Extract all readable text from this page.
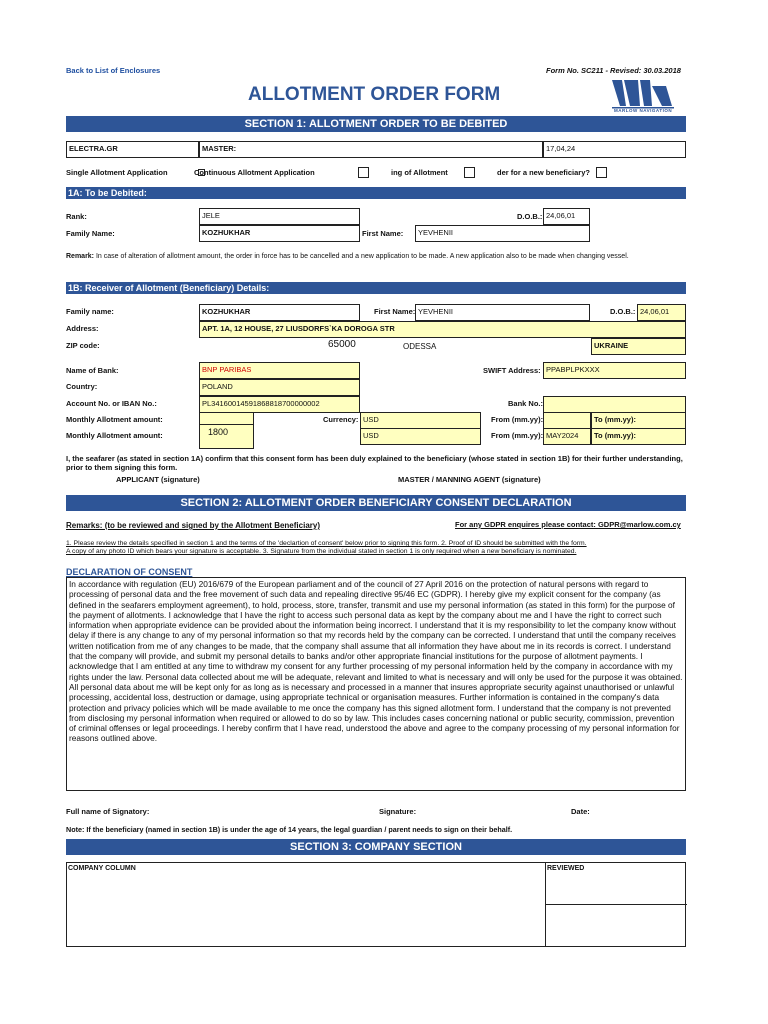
Back to List of Enclosures	Form No. SC211 - Revised: 30.03.2018
ALLOTMENT ORDER FORM
MARLOW NAVIGATION
SECTION 1: ALLOTMENT ORDER TO BE DEBITED
ELECTRA.GR	MASTER:	17,04,24
Single Allotment Application	Continuous Allotment Application	ing of Allotment	der for a new beneficiary?
1A: To be Debited:
Rank:	JELE	D.O.B.: 24,06,01
Family Name:	KOZHUKHAR	First Name:	YEVHENII
Remark: In case of alteration of allotment amount, the order in force has to be cancelled and a new application to be made. A new application also to be made when changing vessel.
1B: Receiver of Allotment (Beneficiary) Details:
Family name:	KOZHUKHAR	First Name: YEVHENII	D.O.B.: 24,06,01
Address:	APT. 1A, 12 HOUSE, 27 LIUSDORFS`KA DOROGA STR
ZIP code:	65000	ODESSA	UKRAINE
Name of Bank:	BNP PARIBAS	SWIFT Address: PPABPLPKXXX
Country:	POLAND
Account No. or IBAN No.:	PL34160014591868818700000002	Bank No.:
Monthly Allotment amount:	Currency: USD	From (mm.yy):	To (mm.yy):
Monthly Allotment amount:	1800	USD	From (mm.yy): MAY2024	To (mm.yy):
I, the seafarer (as stated in section 1A) confirm that this consent form has been duly explained to the beneficiary (whose stated in section 1B) for their further understanding, prior to them signing this form.
APPLICANT (signature)	MASTER / MANNING AGENT (signature)
SECTION 2: ALLOTMENT ORDER BENEFICIARY CONSENT DECLARATION
Remarks: (to be reviewed and signed by the Allotment Beneficiary)	For any GDPR enquires please contact: GDPR@marlow.com.cy
1. Please review the details specified in section 1 and the terms of the 'declartion of consent' below prior to signing this form. 2. Proof of ID should be submitted with the form.
A copy of any photo ID which bears your signature is acceptable. 3. Signature from the individual stated in section 1 is only required when a new beneficiary is nominated.
DECLARATION OF CONSENT
In accordance with regulation (EU) 2016/679 of the European parliament and of the council of 27 April 2016 on the protection of natural persons with regard to processing of personal data and the free movement of such data and repealing directive 95/46 EC (GDPR). I hereby give my explicit consent for the company (as defined in the seafarers employment agreement), to hold, process, store, transfer, transmit and use my personal information (as stated in this form) for the purpose of the payment of allotments. I acknowledge that I have the right to access such personal data as kept by the company about me and I have the right to correct such information when appropriate evidence can be provided about the information being incorrect. I understand that it is my responsibility to let the company know without delay if there is any change to any of my personal information so that my records held by the company can be corrected. I understand that until the company receives written notification from me of any changes to be made, that the company shall assume that all information they have about me in its records is correct. I understand that the company will provide, and submit my personal details to banks and/or other appropriate financial institutions for the purpose of allotment payments. I acknowledge that I am entitled at any time to withdraw my consent for any further processing of my personal information held by the company in accordance with my rights under the law. Personal data collected about me will be adequate, relevant and limited to what is necessary and will only be used for the purpose it was obtained. All personal data about me will be kept only for as long as is necessary and processed in a manner that insures appropriate security against unauthorised or unlawful processing, accidental loss, destruction or damage, using appropriate technical or organisation measures. Further information is contained in the company's data protection and privacy policies which will be made available to me once the company has this signed allotment form. I understand that the company is not prevented from disclosing my personal information when required or allowed to do so by law. This includes cases concerning national or public security, commission, prevention of criminal offenses or legal proceedings. I hereby confirm that I have read, understood the above and agree to the company processing of my personal information for reasons outlined above.
Full name of Signatory:	Signature:	Date:
Note: If the beneficiary (named in section 1B) is under the age of 14 years, the legal guardian / parent needs to sign on their behalf.
SECTION 3: COMPANY SECTION
COMPANY COLUMN	REVIEWED
